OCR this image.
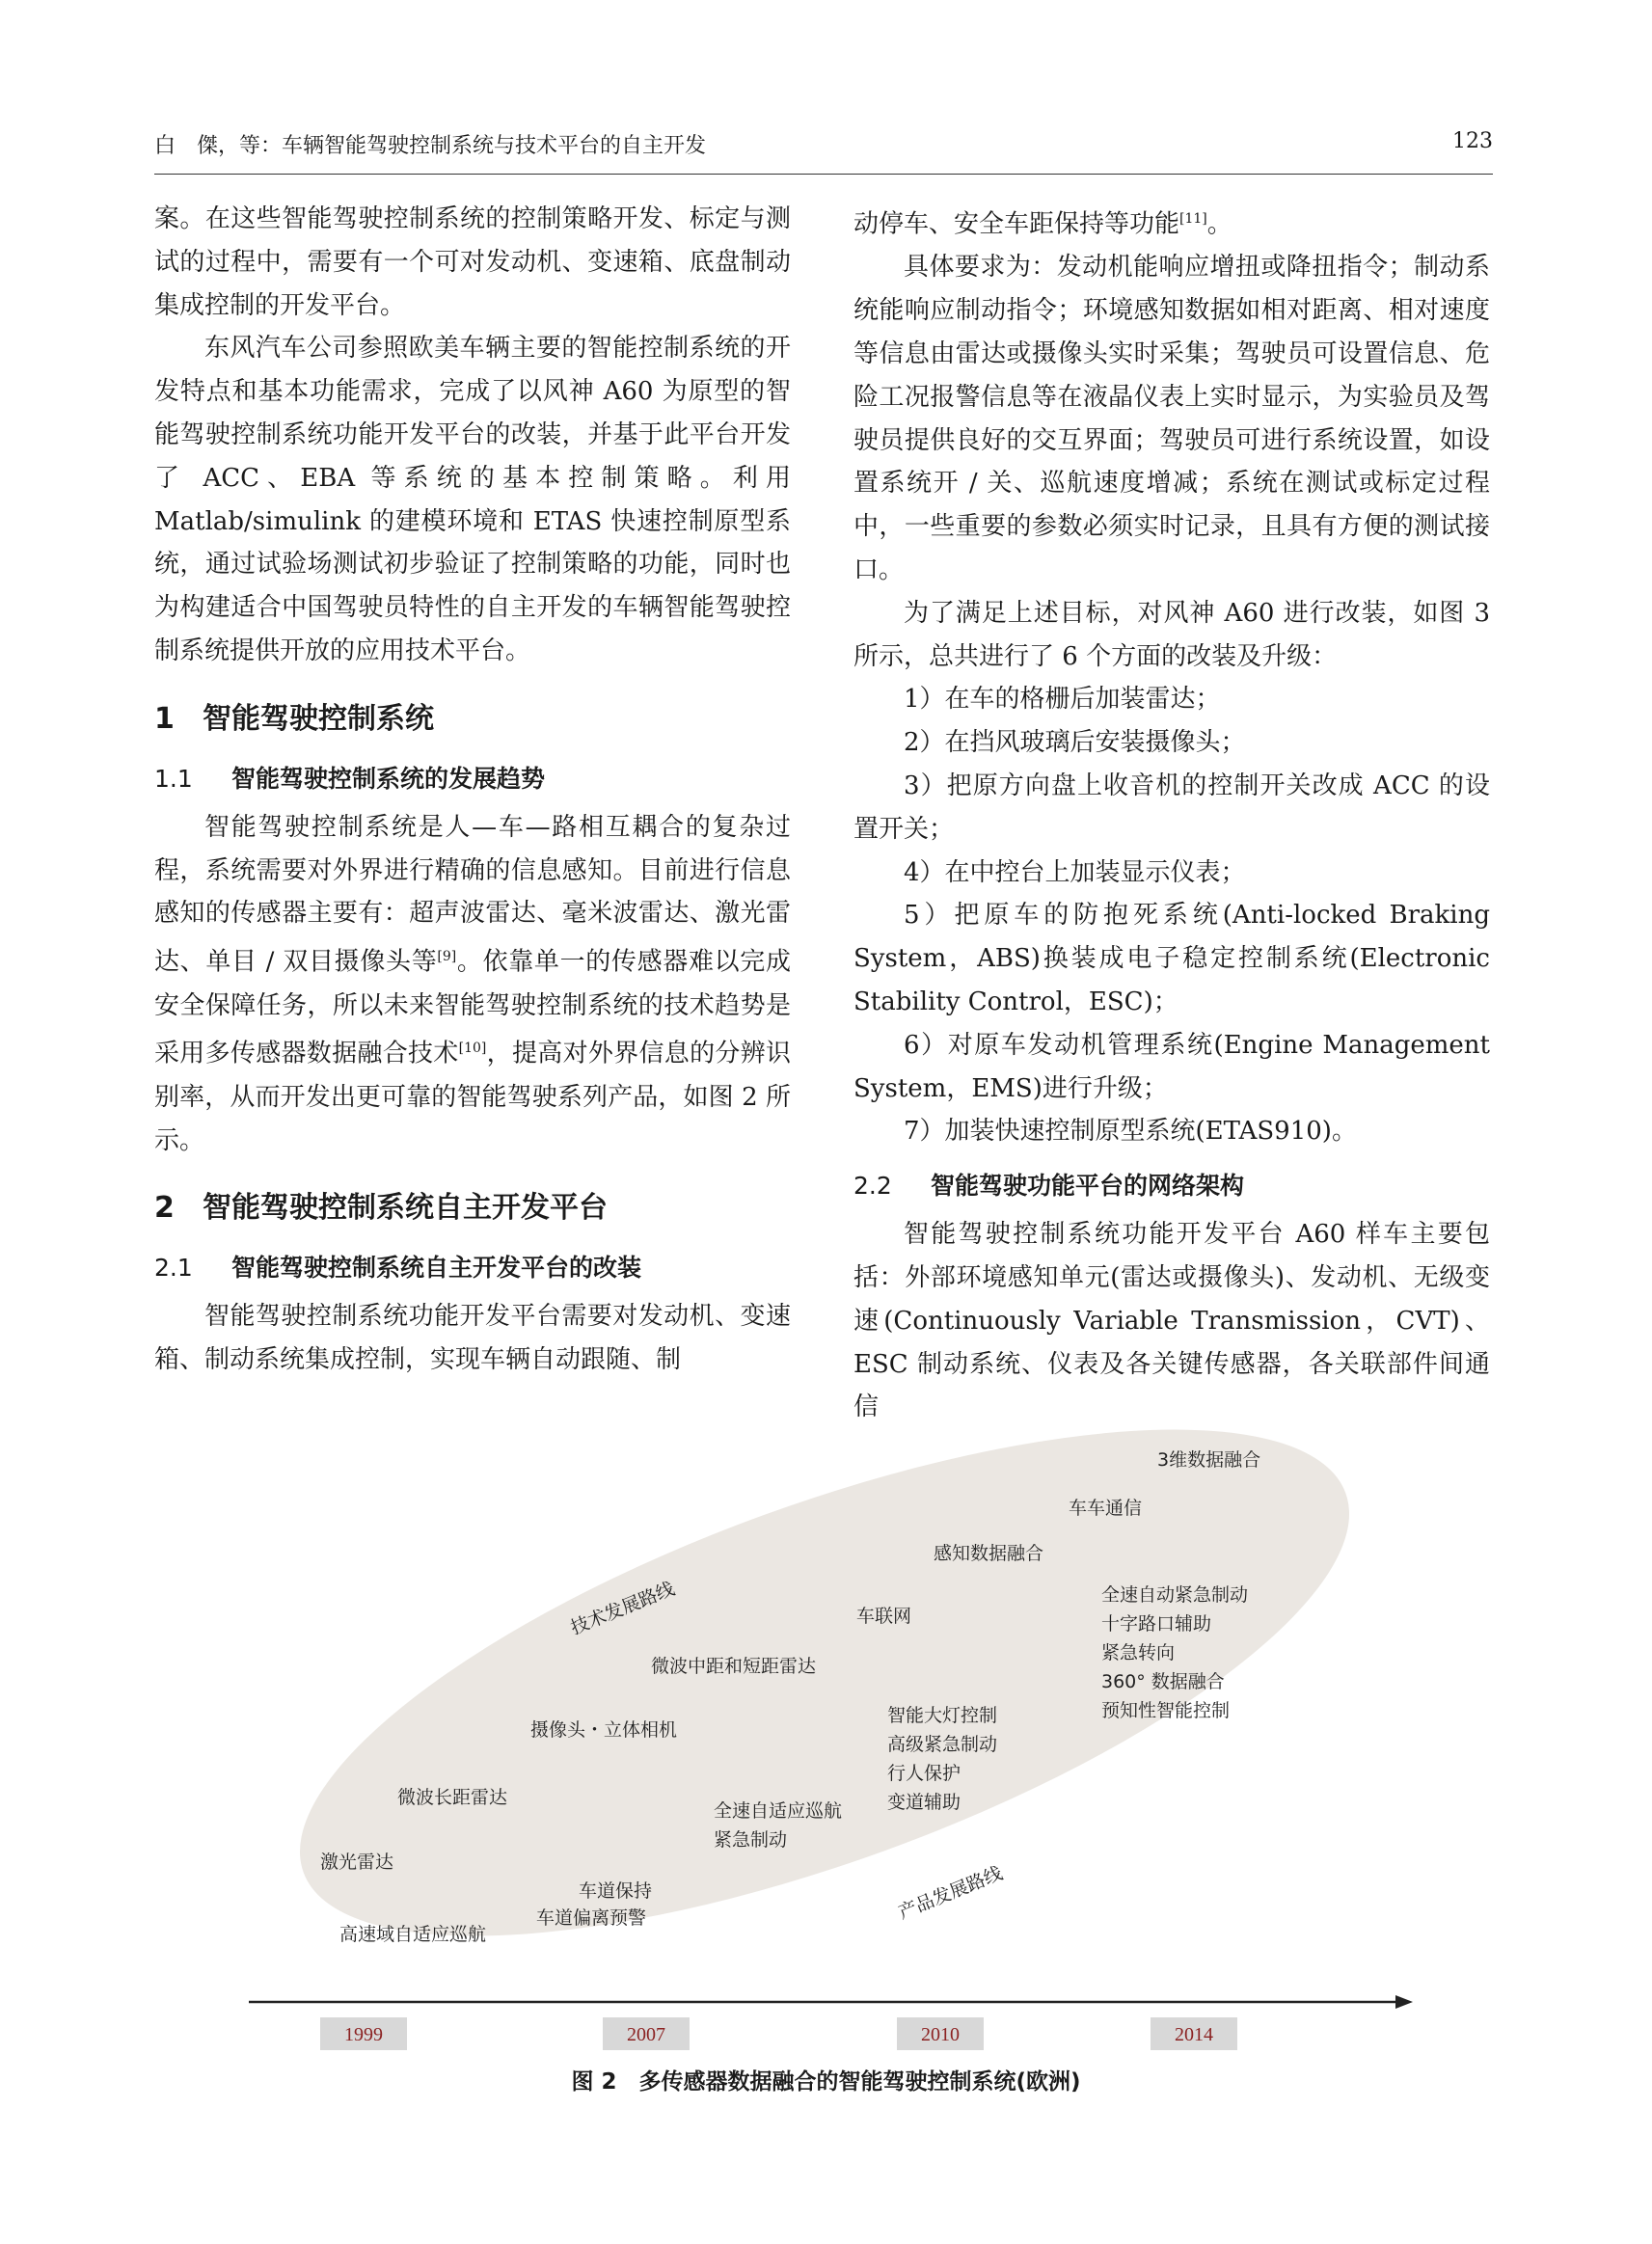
白　傑，等：车辆智能驾驶控制系统与技术平台的自主开发	123

案。在这些智能驾驶控制系统的控制策略开发、标定与测试的过程中，需要有一个可对发动机、变速箱、底盘制动集成控制的开发平台。

东风汽车公司参照欧美车辆主要的智能控制系统的开发特点和基本功能需求，完成了以风神 A60 为原型的智能驾驶控制系统功能开发平台的改装，并基于此平台开发了 ACC、EBA 等系统的基本控制策略。利用 Matlab/simulink 的建模环境和 ETAS 快速控制原型系统，通过试验场测试初步验证了控制策略的功能，同时也为构建适合中国驾驶员特性的自主开发的车辆智能驾驶控制系统提供开放的应用技术平台。

1 智能驾驶控制系统
1.1 智能驾驶控制系统的发展趋势

智能驾驶控制系统是人—车—路相互耦合的复杂过程，系统需要对外界进行精确的信息感知。目前进行信息感知的传感器主要有：超声波雷达、毫米波雷达、激光雷达、单目 / 双目摄像头等[9]。依靠单一的传感器难以完成安全保障任务，所以未来智能驾驶控制系统的技术趋势是采用多传感器数据融合技术[10]，提高对外界信息的分辨识别率，从而开发出更可靠的智能驾驶系列产品，如图 2 所示。

2 智能驾驶控制系统自主开发平台
2.1 智能驾驶控制系统自主开发平台的改装

智能驾驶控制系统功能开发平台需要对发动机、变速箱、制动系统集成控制，实现车辆自动跟随、制

动停车、安全车距保持等功能[11]。

具体要求为：发动机能响应增扭或降扭指令；制动系统能响应制动指令；环境感知数据如相对距离、相对速度等信息由雷达或摄像头实时采集；驾驶员可设置信息、危险工况报警信息等在液晶仪表上实时显示，为实验员及驾驶员提供良好的交互界面；驾驶员可进行系统设置，如设置系统开 / 关、巡航速度增减；系统在测试或标定过程中，一些重要的参数必须实时记录，且具有方便的测试接口。

为了满足上述目标，对风神 A60 进行改装，如图 3 所示，总共进行了 6 个方面的改装及升级：

1）在车的格栅后加装雷达；

2）在挡风玻璃后安装摄像头；

3）把原方向盘上收音机的控制开关改成 ACC 的设置开关；

4）在中控台上加装显示仪表；

5）把原车的防抱死系统(Anti-locked Braking System，ABS)换装成电子稳定控制系统(Electronic Stability Control，ESC)；

6）对原车发动机管理系统(Engine Management System，EMS)进行升级；

7）加装快速控制原型系统(ETAS910)。

2.2 智能驾驶功能平台的网络架构

智能驾驶控制系统功能开发平台 A60 样车主要包括：外部环境感知单元(雷达或摄像头)、发动机、无级变速(Continuously Variable Transmission，CVT)、ESC 制动系统、仪表及各关键传感器，各关联部件间通信

技术发展路线
产品发展路线
3维数据融合
车车通信
感知数据融合
车联网
微波中距和短距雷达
摄像头・立体相机
微波长距雷达
激光雷达
高速域自适应巡航
车道保持
车道偏离预警
全速自适应巡航
紧急制动
智能大灯控制
高级紧急制动
行人保护
变道辅助
全速自动紧急制动
十字路口辅助
紧急转向
360° 数据融合
预知性智能控制
1999	2007	2010	2014
图 2　多传感器数据融合的智能驾驶控制系统(欧洲)
